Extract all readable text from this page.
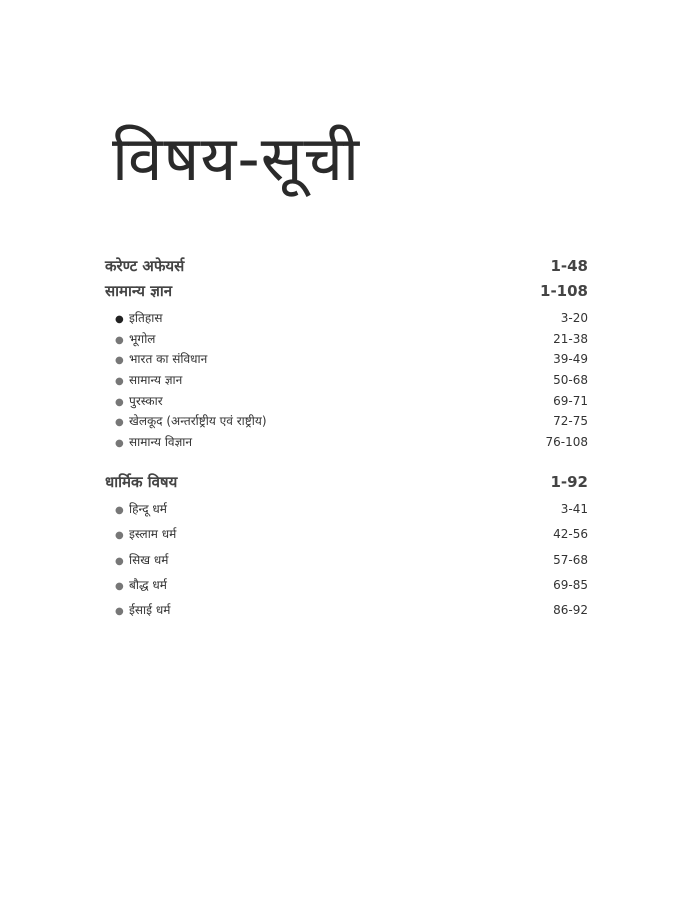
विषय-सूची
करेण्ट अफेयर्स	1-48
सामान्य ज्ञान	1-108
● इतिहास	3-20
● भूगोल	21-38
● भारत का संविधान	39-49
● सामान्य ज्ञान	50-68
● पुरस्कार	69-71
● खेलकूद (अन्तर्राष्ट्रीय एवं राष्ट्रीय)	72-75
● सामान्य विज्ञान	76-108
धार्मिक विषय	1-92
● हिन्दू धर्म	3-41
● इस्लाम धर्म	42-56
● सिख धर्म	57-68
● बौद्ध धर्म	69-85
● ईसाई धर्म	86-92
